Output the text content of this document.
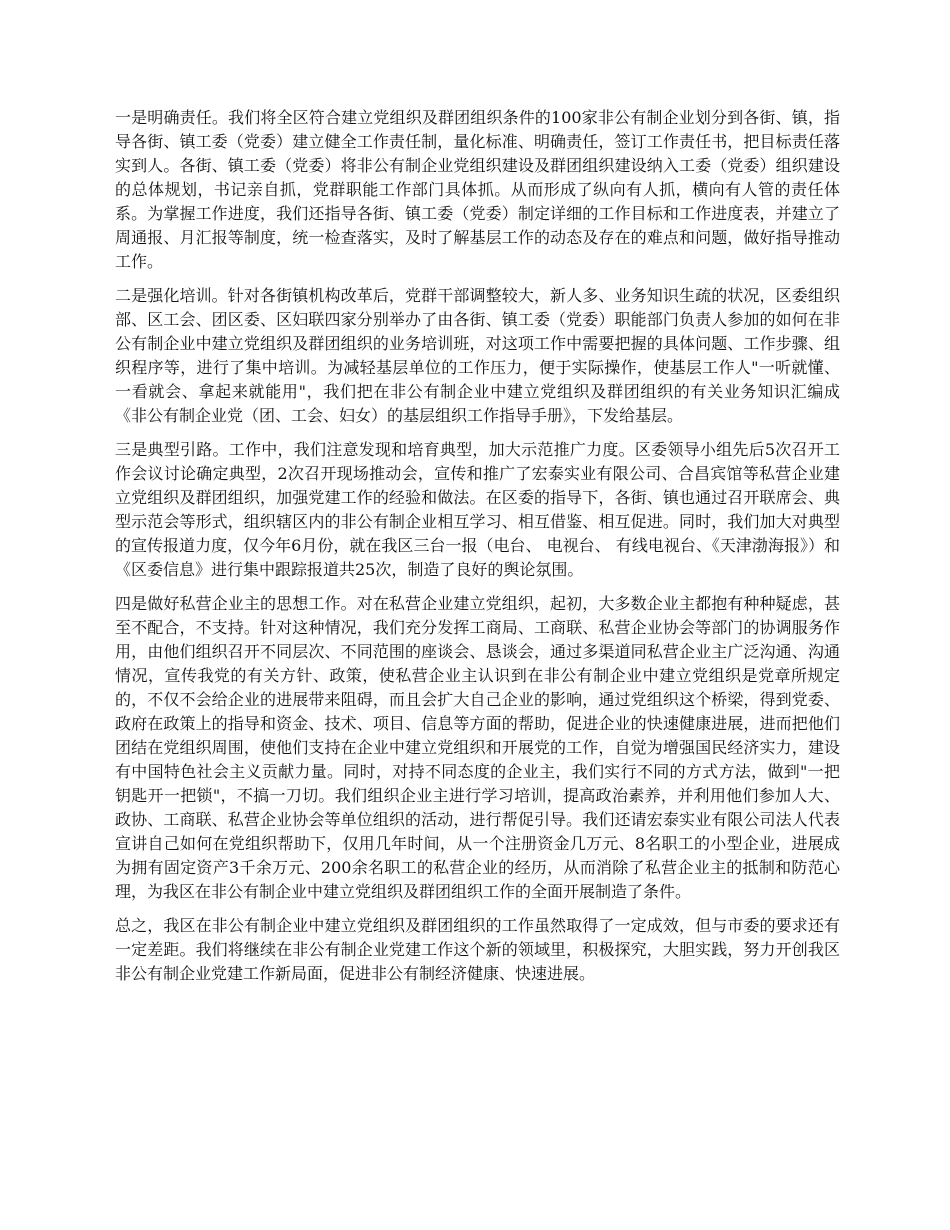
一是明确责任。我们将全区符合建立党组织及群团组织条件的100家非公有制企业划分到各街、镇，指导各街、镇工委（党委）建立健全工作责任制，量化标准、明确责任，签订工作责任书，把目标责任落实到人。各街、镇工委（党委）将非公有制企业党组织建设及群团组织建设纳入工委（党委）组织建设的总体规划，书记亲自抓，党群职能工作部门具体抓。从而形成了纵向有人抓，横向有人管的责任体系。为掌握工作进度，我们还指导各街、镇工委（党委）制定详细的工作目标和工作进度表，并建立了周通报、月汇报等制度，统一检查落实，及时了解基层工作的动态及存在的难点和问题，做好指导推动工作。

二是强化培训。针对各街镇机构改革后，党群干部调整较大，新人多、业务知识生疏的状况，区委组织部、区工会、团区委、区妇联四家分别举办了由各街、镇工委（党委）职能部门负责人参加的如何在非公有制企业中建立党组织及群团组织的业务培训班，对这项工作中需要把握的具体问题、工作步骤、组织程序等，进行了集中培训。为减轻基层单位的工作压力，便于实际操作，使基层工作人"一听就懂、一看就会、拿起来就能用"，我们把在非公有制企业中建立党组织及群团组织的有关业务知识汇编成《非公有制企业党（团、工会、妇女）的基层组织工作指导手册》，下发给基层。

三是典型引路。工作中，我们注意发现和培育典型，加大示范推广力度。区委领导小组先后5次召开工作会议讨论确定典型，2次召开现场推动会，宣传和推广了宏泰实业有限公司、合昌宾馆等私营企业建立党组织及群团组织，加强党建工作的经验和做法。在区委的指导下，各街、镇也通过召开联席会、典型示范会等形式，组织辖区内的非公有制企业相互学习、相互借鉴、相互促进。同时，我们加大对典型的宣传报道力度，仅今年6月份，就在我区三台一报（电台、 电视台、 有线电视台、《天津渤海报》）和《区委信息》进行集中跟踪报道共25次，制造了良好的舆论氛围。

四是做好私营企业主的思想工作。对在私营企业建立党组织，起初，大多数企业主都抱有种种疑虑，甚至不配合，不支持。针对这种情况，我们充分发挥工商局、工商联、私营企业协会等部门的协调服务作用，由他们组织召开不同层次、不同范围的座谈会、恳谈会，通过多渠道同私营企业主广泛沟通、沟通情况，宣传我党的有关方针、政策，使私营企业主认识到在非公有制企业中建立党组织是党章所规定的，不仅不会给企业的进展带来阻碍，而且会扩大自己企业的影响，通过党组织这个桥梁，得到党委、政府在政策上的指导和资金、技术、项目、信息等方面的帮助，促进企业的快速健康进展，进而把他们团结在党组织周围，使他们支持在企业中建立党组织和开展党的工作，自觉为增强国民经济实力，建设有中国特色社会主义贡献力量。同时，对持不同态度的企业主，我们实行不同的方式方法，做到"一把钥匙开一把锁"，不搞一刀切。我们组织企业主进行学习培训，提高政治素养，并利用他们参加人大、政协、工商联、私营企业协会等单位组织的活动，进行帮促引导。我们还请宏泰实业有限公司法人代表宣讲自己如何在党组织帮助下，仅用几年时间，从一个注册资金几万元、8名职工的小型企业，进展成为拥有固定资产3千余万元、200余名职工的私营企业的经历，从而消除了私营企业主的抵制和防范心理，为我区在非公有制企业中建立党组织及群团组织工作的全面开展制造了条件。

总之，我区在非公有制企业中建立党组织及群团组织的工作虽然取得了一定成效，但与市委的要求还有一定差距。我们将继续在非公有制企业党建工作这个新的领域里，积极探究，大胆实践，努力开创我区非公有制企业党建工作新局面，促进非公有制经济健康、快速进展。
